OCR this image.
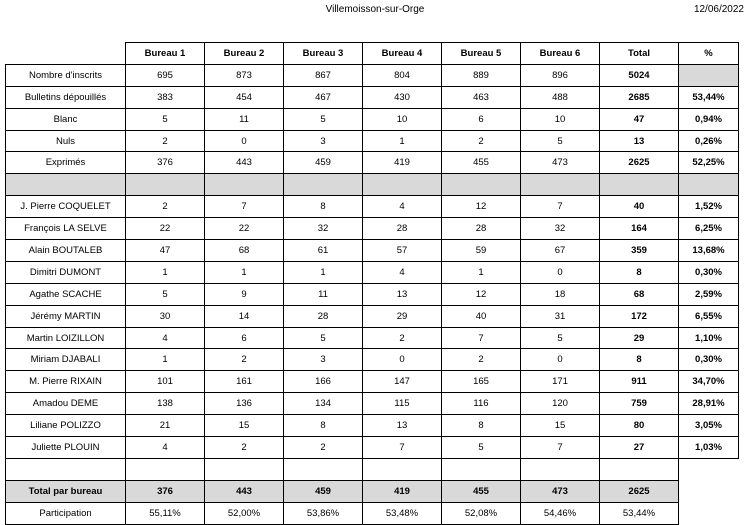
Villemoisson-sur-Orge	12/06/2022
	Bureau 1	Bureau 2	Bureau 3	Bureau 4	Bureau 5	Bureau 6	Total	%
Nombre d'inscrits	695	873	867	804	889	896	5024	
Bulletins dépouillés	383	454	467	430	463	488	2685	53,44%
Blanc	5	11	5	10	6	10	47	0,94%
Nuls	2	0	3	1	2	5	13	0,26%
Exprimés	376	443	459	419	455	473	2625	52,25%

J. Pierre COQUELET	2	7	8	4	12	7	40	1,52%
François LA SELVE	22	22	32	28	28	32	164	6,25%
Alain BOUTALEB	47	68	61	57	59	67	359	13,68%
Dimitri DUMONT	1	1	1	4	1	0	8	0,30%
Agathe SCACHE	5	9	11	13	12	18	68	2,59%
Jérémy MARTIN	30	14	28	29	40	31	172	6,55%
Martin LOIZILLON	4	6	5	2	7	5	29	1,10%
Miriam DJABALI	1	2	3	0	2	0	8	0,30%
M. Pierre RIXAIN	101	161	166	147	165	171	911	34,70%
Amadou DEME	138	136	134	115	116	120	759	28,91%
Liliane POLIZZO	21	15	8	13	8	15	80	3,05%
Juliette PLOUIN	4	2	2	7	5	7	27	1,03%

Total par bureau	376	443	459	419	455	473	2625	
Participation	55,11%	52,00%	53,86%	53,48%	52,08%	54,46%	53,44%	
